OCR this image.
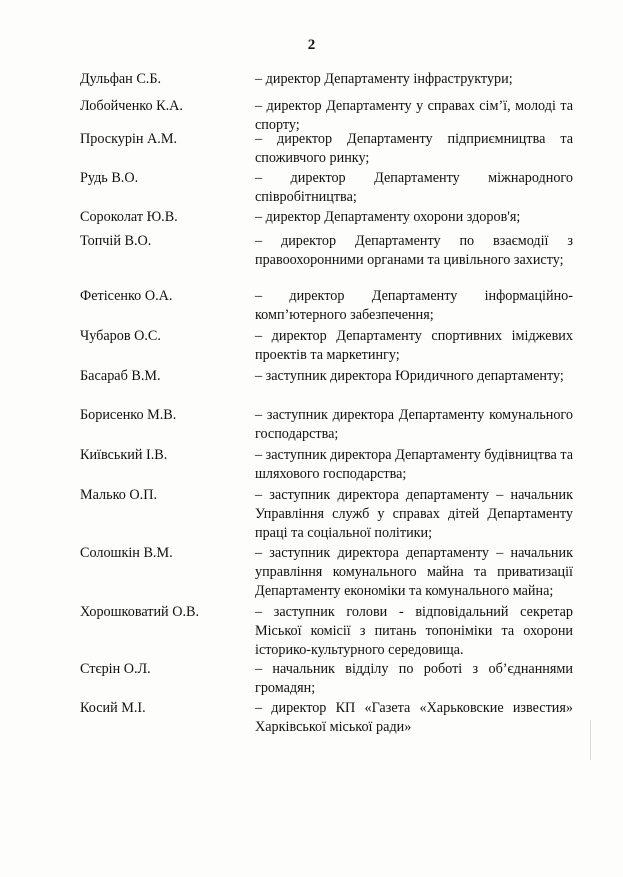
2
Дульфан С.Б.	– директор Департаменту інфраструктури;
Лобойченко К.А.	– директор Департаменту у справах сім’ї, молоді та спорту;
Проскурін А.М.	– директор Департаменту підприємництва та споживчого ринку;
Рудь В.О.	– директор Департаменту міжнародного співробітництва;
Сороколат Ю.В.	– директор Департаменту охорони здоров'я;
Топчій В.О.	– директор Департаменту по взаємодії з правоохоронними органами та цивільного захисту;
Фетісенко О.А.	– директор Департаменту інформаційно-комп’ютерного забезпечення;
Чубаров О.С.	– директор Департаменту спортивних іміджевих проектів та маркетингу;
Басараб В.М.	– заступник директора Юридичного департаменту;
Борисенко М.В.	– заступник директора Департаменту комунального господарства;
Київський І.В.	– заступник директора Департаменту будівництва та шляхового господарства;
Малько О.П.	– заступник директора департаменту – начальник Управління служб у справах дітей Департаменту праці та соціальної політики;
Солошкін В.М.	– заступник директора департаменту – начальник управління комунального майна та приватизації Департаменту економіки та комунального майна;
Хорошковатий О.В.	– заступник голови - відповідальний секретар Міської комісії з питань топоніміки та охорони історико-культурного середовища.
Стєрін О.Л.	– начальник відділу по роботі з об’єднаннями громадян;
Косий М.І.	– директор КП «Газета «Харьковские известия» Харківської міської ради»
